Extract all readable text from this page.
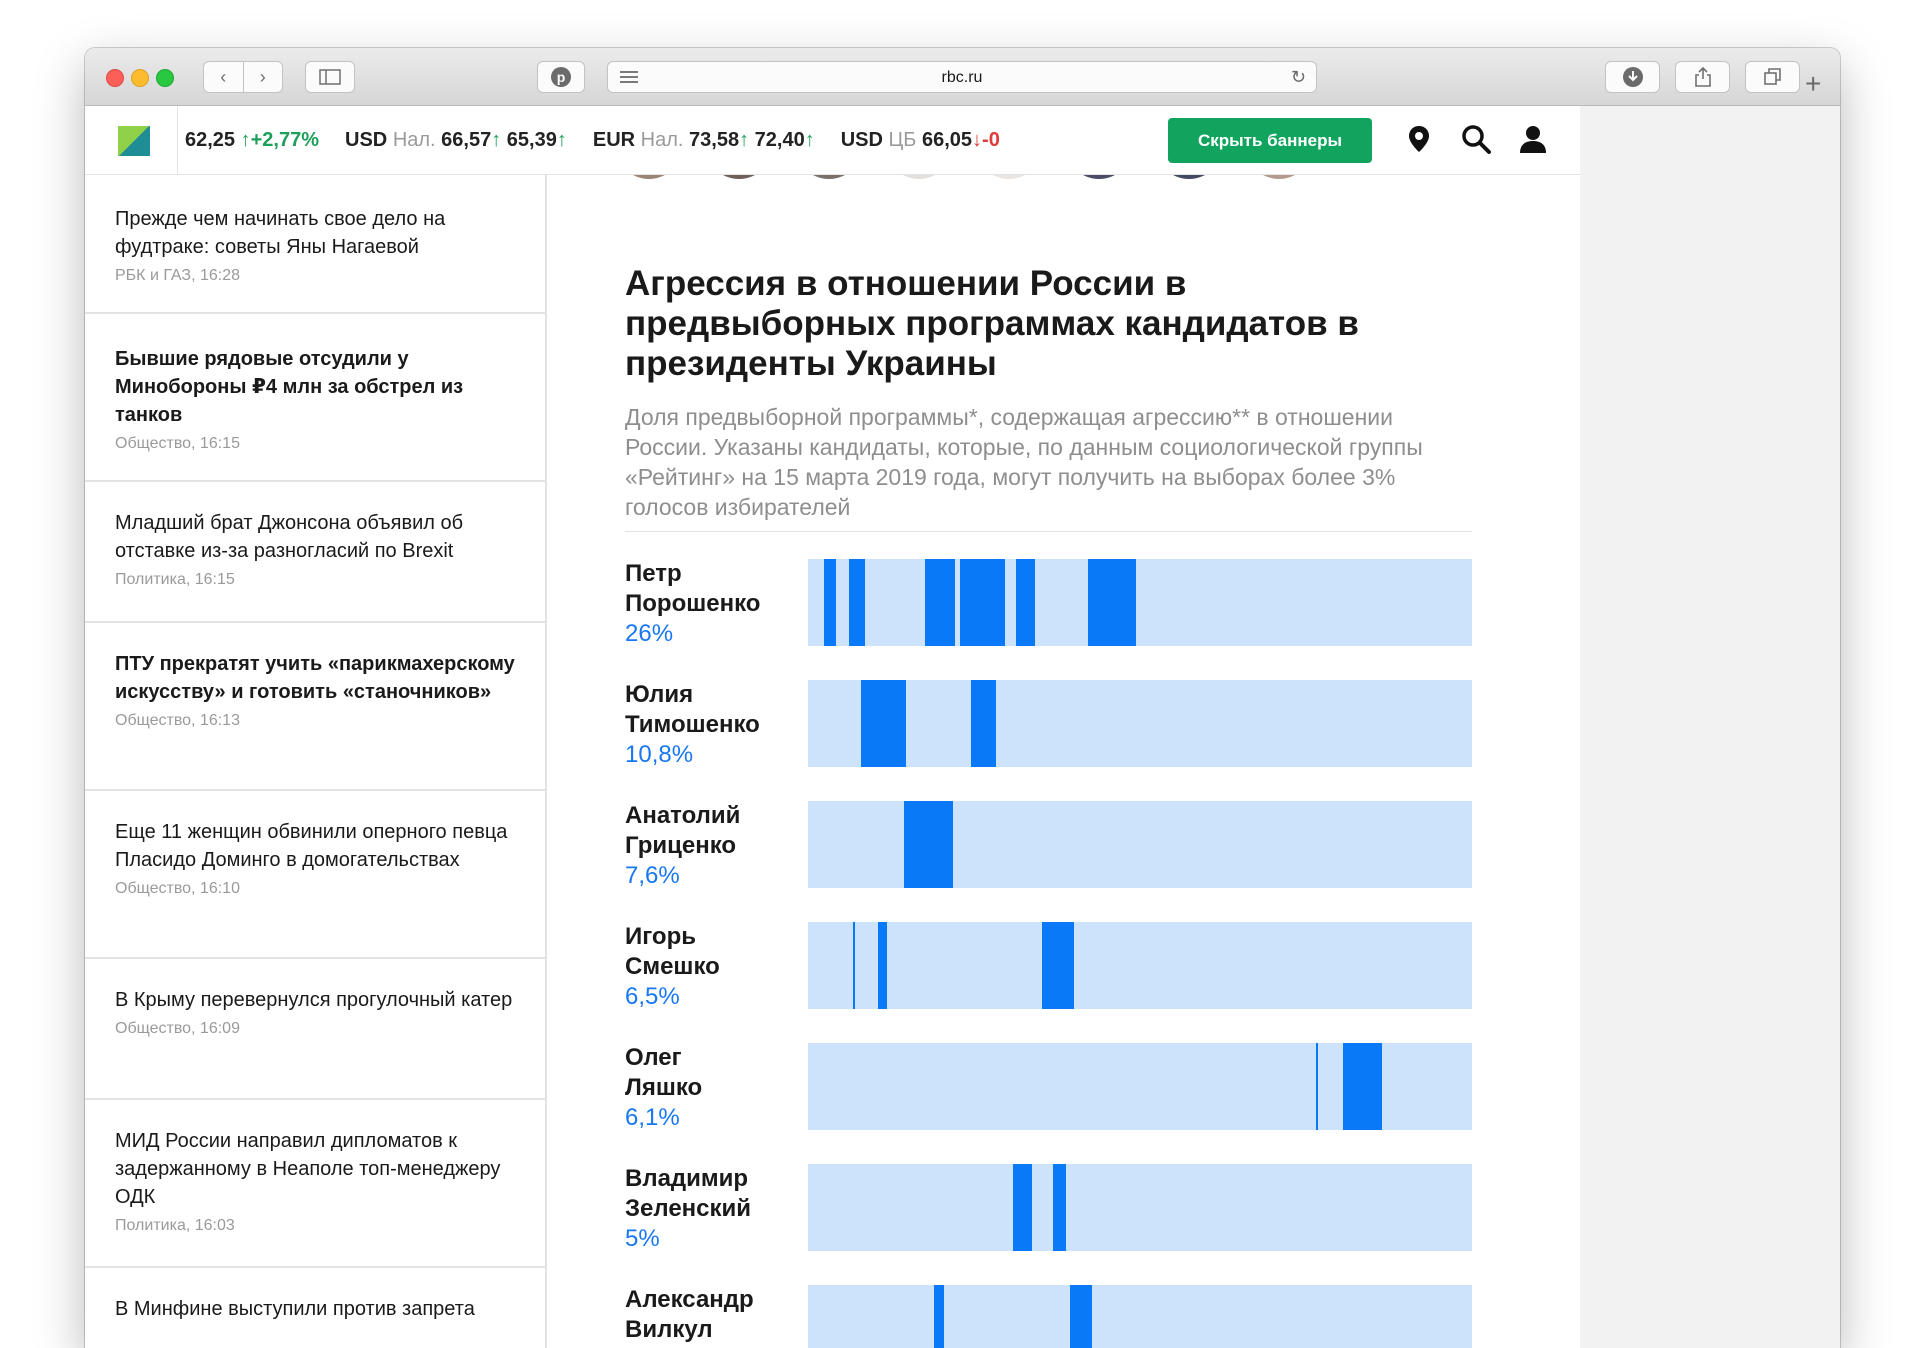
‹	›	p	rbc.ru	↻	+
62,25 ↑+2,77% USD Нал. 66,57↑ 65,39↑ EUR Нал. 73,58↑ 72,40↑ USD ЦБ 66,05↓-0	Скрыть баннеры
Прежде чем начинать свое дело на фудтраке: советы Яны Нагаевой
РБК и ГАЗ, 16:28
Бывшие рядовые отсудили у Минобороны ₽4 млн за обстрел из танков
Общество, 16:15
Младший брат Джонсона объявил об отставке из-за разногласий по Brexit
Политика, 16:15
ПТУ прекратят учить «парикмахерскому искусству» и готовить «станочников»
Общество, 16:13
Еще 11 женщин обвинили оперного певца Пласидо Доминго в домогательствах
Общество, 16:10
В Крыму перевернулся прогулочный катер
Общество, 16:09
МИД России направил дипломатов к задержанному в Неаполе топ-менеджеру ОДК
Политика, 16:03
В Минфине выступили против запрета
Агрессия в отношении России в предвыборных программах кандидатов в президенты Украины
Доля предвыборной программы*, содержащая агрессию** в отношении России. Указаны кандидаты, которые, по данным социологической группы «Рейтинг» на 15 марта 2019 года, могут получить на выборах более 3% голосов избирателей
Петр
Порошенко
26%
Юлия
Тимошенко
10,8%
Анатолий
Гриценко
7,6%
Игорь
Смешко
6,5%
Олег
Ляшко
6,1%
Владимир
Зеленский
5%
Александр
Вилкул
